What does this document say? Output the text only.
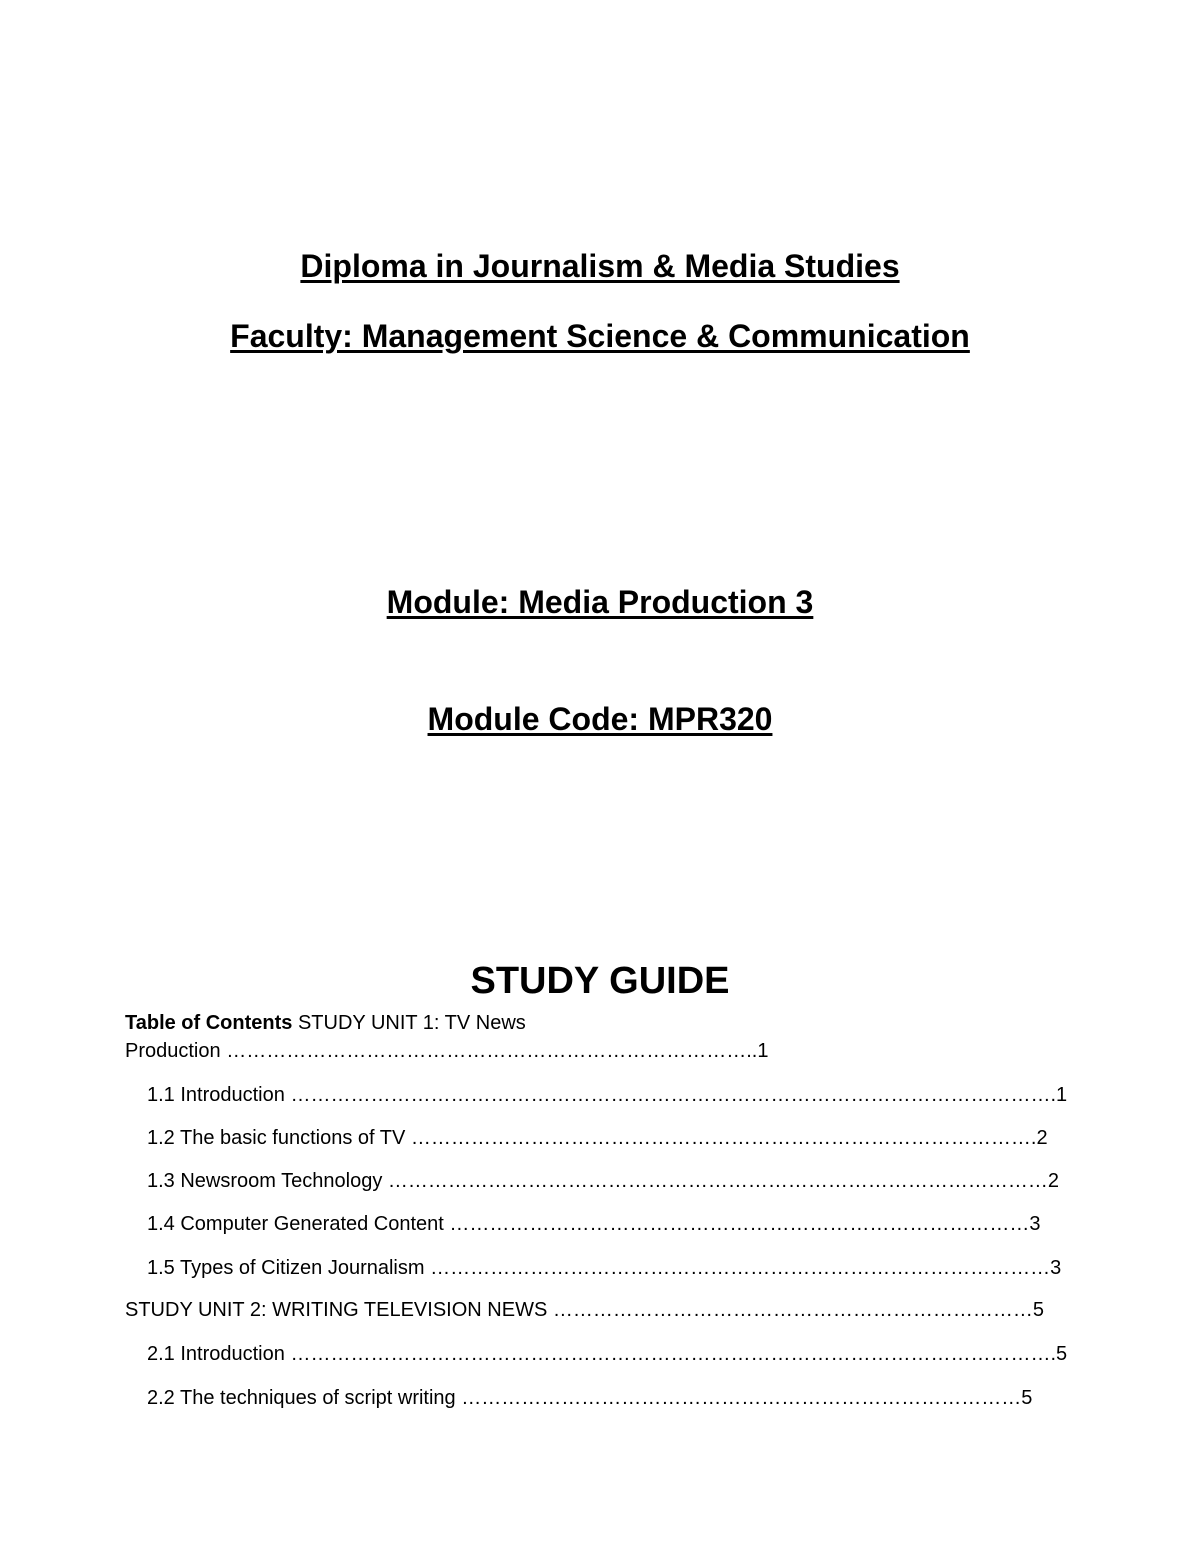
Diploma in Journalism & Media Studies
Faculty: Management Science & Communication
Module: Media Production 3
Module Code: MPR320
STUDY GUIDE
Table of Contents STUDY UNIT 1: TV News
Production ……………………………………………………………………..1
1.1 Introduction …………………………………………………………………………………………………….1
1.2 The basic functions of TV ………………………………………………………………………………….2
1.3 Newsroom Technology ………………………………………………………………………………………2
1.4 Computer Generated Content ……………………………………………………………………………3
1.5 Types of Citizen Journalism …………………………………………………………………………………3
STUDY UNIT 2: WRITING TELEVISION NEWS ………………………………………………………………5
2.1 Introduction …………………………………………………………………………………………………….5
2.2 The techniques of script writing …………………………………………………………………………5
